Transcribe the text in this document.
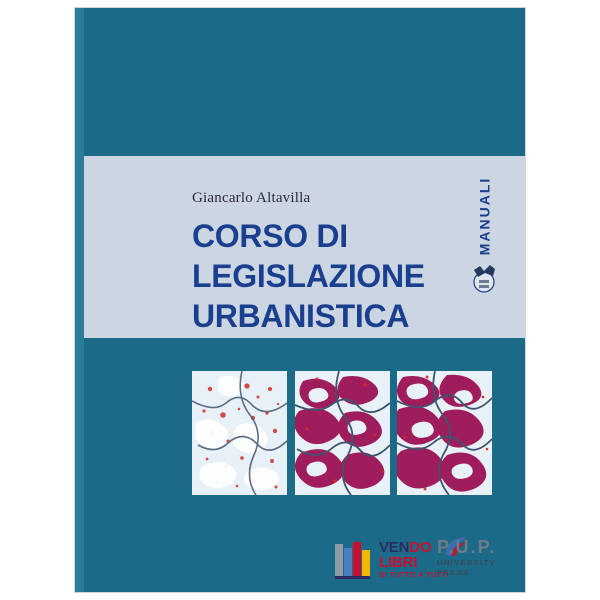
Giancarlo Altavilla
CORSO DI LEGISLAZIONE
URBANISTICA
MANUALI
VENDO
LIBRI
DI TUTTO A TUTTI
P.U.P.
UNIVERSITY
PRESS
